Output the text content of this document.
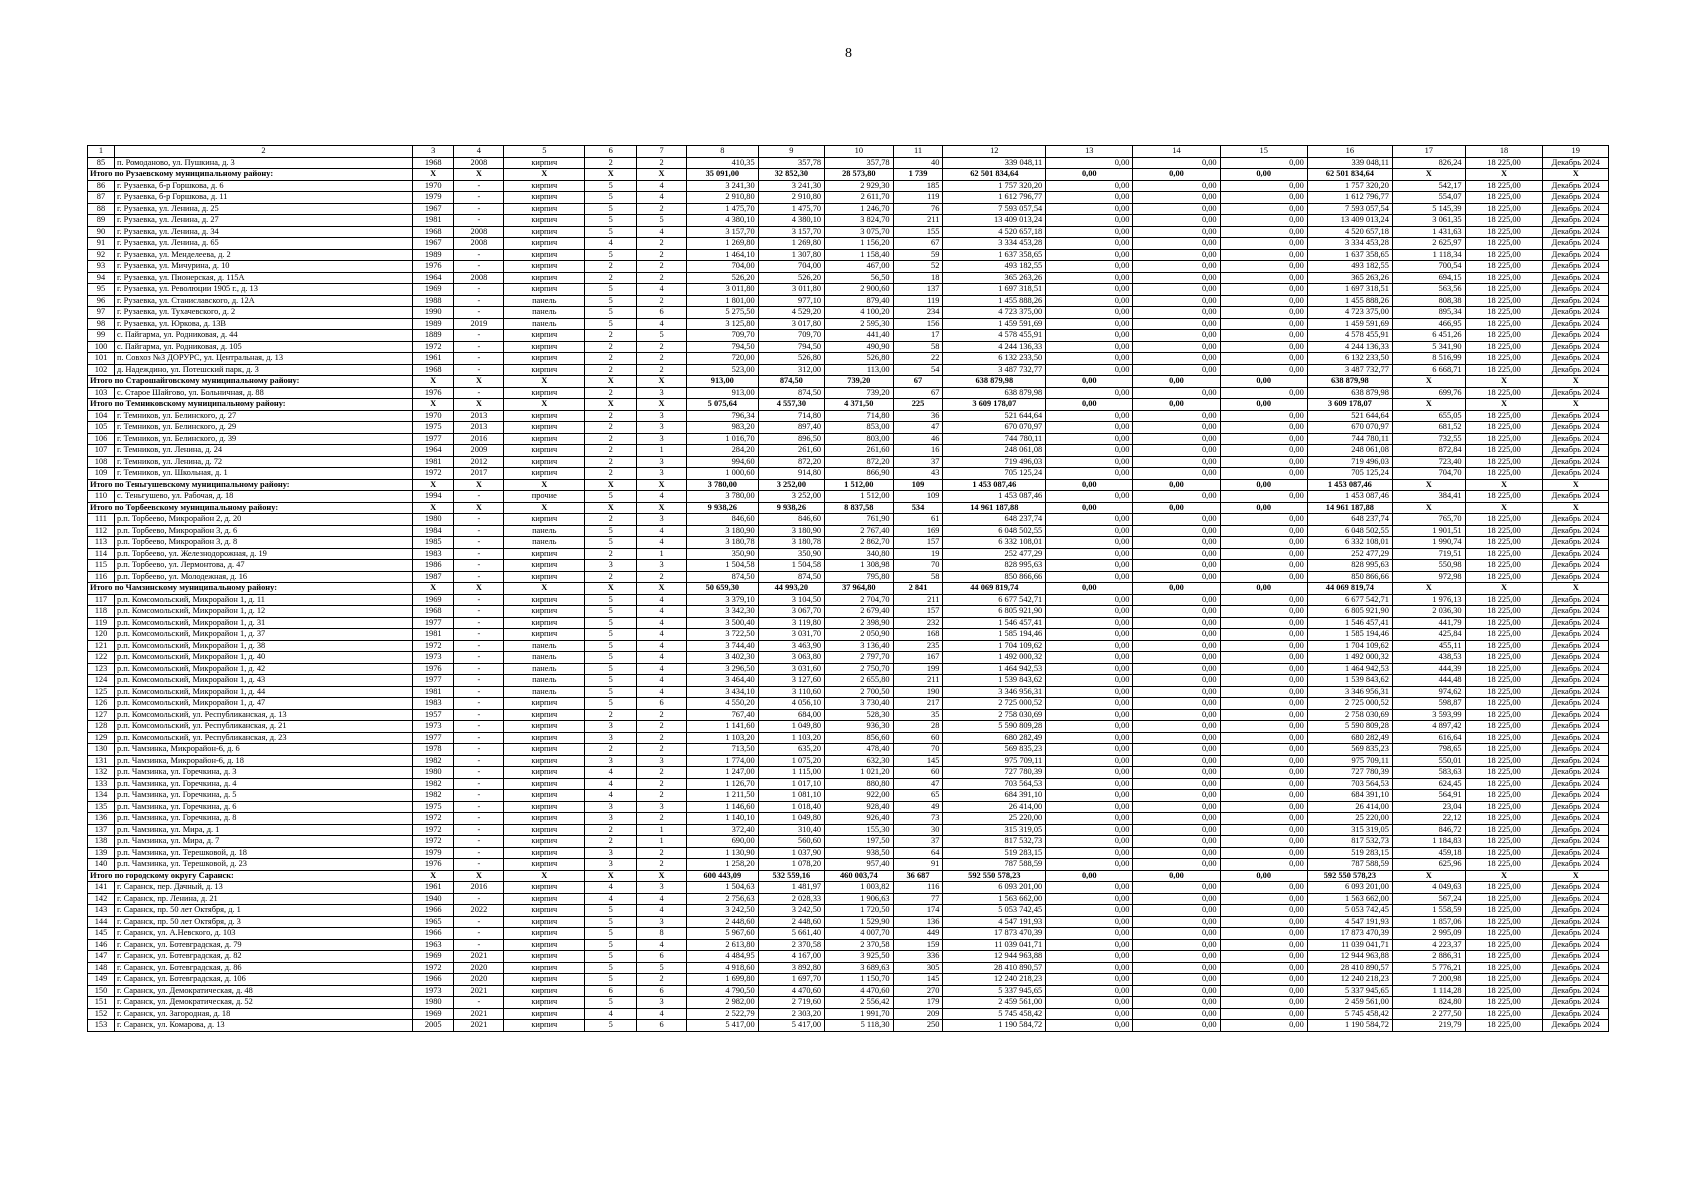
8
1	2	3	4	5	6	7	8	9	10	11	12	13	14	15	16	17	18	19
85	п. Ромоданово, ул. Пушкина, д. 3	1968	2008	кирпич	2	2	410,35	357,78	357,78	40	339 048,11	0,00	0,00	0,00	339 048,11	826,24	18 225,00	Декабрь 2024
Итого по Рузаевскому муниципальному району:		X	X	X	X	X	35 091,00	32 852,30	28 573,80	1 739	62 501 834,64	0,00	0,00	0,00	62 501 834,64	X	X	X
86	г. Рузаевка, б-р Горшкова, д. 6	1970	-	кирпич	5	4	3 241,30	3 241,30	2 929,30	185	1 757 320,20	0,00	0,00	0,00	1 757 320,20	542,17	18 225,00	Декабрь 2024
87	г. Рузаевка, б-р Горшкова, д. 11	1979	-	кирпич	5	4	2 910,80	2 910,80	2 611,70	119	1 612 796,77	0,00	0,00	0,00	1 612 796,77	554,07	18 225,00	Декабрь 2024
88	г. Рузаевка, ул. Ленина, д. 25	1967	-	кирпич	5	2	1 475,70	1 475,70	1 246,70	76	7 593 057,54	0,00	0,00	0,00	7 593 057,54	5 145,39	18 225,00	Декабрь 2024
89	г. Рузаевка, ул. Ленина, д. 27	1981	-	кирпич	5	5	4 380,10	4 380,10	3 824,70	211	13 409 013,24	0,00	0,00	0,00	13 409 013,24	3 061,35	18 225,00	Декабрь 2024
90	г. Рузаевка, ул. Ленина, д. 34	1968	2008	кирпич	5	4	3 157,70	3 157,70	3 075,70	155	4 520 657,18	0,00	0,00	0,00	4 520 657,18	1 431,63	18 225,00	Декабрь 2024
91	г. Рузаевка, ул. Ленина, д. 65	1967	2008	кирпич	4	2	1 269,80	1 269,80	1 156,20	67	3 334 453,28	0,00	0,00	0,00	3 334 453,28	2 625,97	18 225,00	Декабрь 2024
92	г. Рузаевка, ул. Менделеева, д. 2	1989	-	кирпич	5	2	1 464,10	1 307,80	1 158,40	59	1 637 358,65	0,00	0,00	0,00	1 637 358,65	1 118,34	18 225,00	Декабрь 2024
93	г. Рузаевка, ул. Мичурина, д. 10	1976	-	кирпич	2	2	704,00	704,00	467,00	52	493 182,55	0,00	0,00	0,00	493 182,55	700,54	18 225,00	Декабрь 2024
94	г. Рузаевка, ул. Пионерская, д. 115А	1964	2008	кирпич	2	2	526,20	526,20	56,50	18	365 263,26	0,00	0,00	0,00	365 263,26	694,15	18 225,00	Декабрь 2024
95	г. Рузаевка, ул. Революции 1905 г., д. 13	1969	-	кирпич	5	4	3 011,80	3 011,80	2 900,60	137	1 697 318,51	0,00	0,00	0,00	1 697 318,51	563,56	18 225,00	Декабрь 2024
96	г. Рузаевка, ул. Станиславского, д. 12А	1988	-	панель	5	2	1 801,00	977,10	879,40	119	1 455 888,26	0,00	0,00	0,00	1 455 888,26	808,38	18 225,00	Декабрь 2024
97	г. Рузаевка, ул. Тухачевского, д. 2	1990	-	панель	5	6	5 275,50	4 529,20	4 100,20	234	4 723 375,00	0,00	0,00	0,00	4 723 375,00	895,34	18 225,00	Декабрь 2024
98	г. Рузаевка, ул. Юркова, д. 13В	1989	2019	панель	5	4	3 125,80	3 017,80	2 595,30	156	1 459 591,69	0,00	0,00	0,00	1 459 591,69	466,95	18 225,00	Декабрь 2024
99	с. Пайгарма, ул. Родниковая, д. 44	1889	-	кирпич	2	5	709,70	709,70	441,40	17	4 578 455,91	0,00	0,00	0,00	4 578 455,91	6 451,26	18 225,00	Декабрь 2024
100	с. Пайгарма, ул. Родниковая, д. 105	1972	-	кирпич	2	2	794,50	794,50	490,90	58	4 244 136,33	0,00	0,00	0,00	4 244 136,33	5 341,90	18 225,00	Декабрь 2024
101	п. Совхоз №3 ДОРУРС, ул. Центральная, д. 13	1961	-	кирпич	2	2	720,00	526,80	526,80	22	6 132 233,50	0,00	0,00	0,00	6 132 233,50	8 516,99	18 225,00	Декабрь 2024
102	д. Надеждино, ул. Потешский парк, д. 3	1968	-	кирпич	2	2	523,00	312,00	113,00	54	3 487 732,77	0,00	0,00	0,00	3 487 732,77	6 668,71	18 225,00	Декабрь 2024
Итого по Старошайговскому муниципальному району:		X	X	X	X	X	913,00	874,50	739,20	67	638 879,98	0,00	0,00	0,00	638 879,98	X	X	X
103	с. Старое Шайгово, ул. Больничная, д. 88	1976	-	кирпич	2	3	913,00	874,50	739,20	67	638 879,98	0,00	0,00	0,00	638 879,98	699,76	18 225,00	Декабрь 2024
Итого по Темниковскому муниципальному району:		X	X	X	X	X	5 075,64	4 557,30	4 371,50	225	3 609 178,07	0,00	0,00	0,00	3 609 178,07	X	X	X
104	г. Темников, ул. Белинского, д. 27	1970	2013	кирпич	2	3	796,34	714,80	714,80	36	521 644,64	0,00	0,00	0,00	521 644,64	655,05	18 225,00	Декабрь 2024
105	г. Темников, ул. Белинского, д. 29	1975	2013	кирпич	2	3	983,20	897,40	853,00	47	670 070,97	0,00	0,00	0,00	670 070,97	681,52	18 225,00	Декабрь 2024
106	г. Темников, ул. Белинского, д. 39	1977	2016	кирпич	2	3	1 016,70	896,50	803,00	46	744 780,11	0,00	0,00	0,00	744 780,11	732,55	18 225,00	Декабрь 2024
107	г. Темников, ул. Ленина, д. 24	1964	2009	кирпич	2	1	284,20	261,60	261,60	16	248 061,08	0,00	0,00	0,00	248 061,08	872,84	18 225,00	Декабрь 2024
108	г. Темников, ул. Ленина, д. 72	1981	2012	кирпич	2	3	994,60	872,20	872,20	37	719 496,03	0,00	0,00	0,00	719 496,03	723,40	18 225,00	Декабрь 2024
109	г. Темников, ул. Школьная, д. 1	1972	2017	кирпич	2	3	1 000,60	914,80	866,90	43	705 125,24	0,00	0,00	0,00	705 125,24	704,70	18 225,00	Декабрь 2024
Итого по Теньгушевскому муниципальному району:		X	X	X	X	X	3 780,00	3 252,00	1 512,00	109	1 453 087,46	0,00	0,00	0,00	1 453 087,46	X	X	X
110	с. Теньгушево, ул. Рабочая, д. 18	1994	-	прочие	5	4	3 780,00	3 252,00	1 512,00	109	1 453 087,46	0,00	0,00	0,00	1 453 087,46	384,41	18 225,00	Декабрь 2024
Итого по Торбеевскому муниципальному району:		X	X	X	X	X	9 938,26	9 938,26	8 837,58	534	14 961 187,88	0,00	0,00	0,00	14 961 187,88	X	X	X
111	р.п. Торбеево, Микрорайон 2, д. 20	1980	-	кирпич	2	3	846,60	846,60	761,90	61	648 237,74	0,00	0,00	0,00	648 237,74	765,70	18 225,00	Декабрь 2024
112	р.п. Торбеево, Микрорайон 3, д. 6	1984	-	панель	5	4	3 180,90	3 180,90	2 767,40	169	6 048 502,55	0,00	0,00	0,00	6 048 502,55	1 901,51	18 225,00	Декабрь 2024
113	р.п. Торбеево, Микрорайон 3, д. 8	1985	-	панель	5	4	3 180,78	3 180,78	2 862,70	157	6 332 108,01	0,00	0,00	0,00	6 332 108,01	1 990,74	18 225,00	Декабрь 2024
114	р.п. Торбеево, ул. Железнодорожная, д. 19	1983	-	кирпич	2	1	350,90	350,90	340,80	19	252 477,29	0,00	0,00	0,00	252 477,29	719,51	18 225,00	Декабрь 2024
115	р.п. Торбеево, ул. Лермонтова, д. 47	1986	-	кирпич	3	3	1 504,58	1 504,58	1 308,98	70	828 995,63	0,00	0,00	0,00	828 995,63	550,98	18 225,00	Декабрь 2024
116	р.п. Торбеево, ул. Молодежная, д. 16	1987	-	кирпич	2	2	874,50	874,50	795,80	58	850 866,66	0,00	0,00	0,00	850 866,66	972,98	18 225,00	Декабрь 2024
Итого по Чамзинскому муниципальному району:		X	X	X	X	X	50 659,30	44 993,20	37 964,80	2 841	44 069 819,74	0,00	0,00	0,00	44 069 819,74	X	X	X
117	р.п. Комсомольский, Микрорайон 1, д. 11	1969	-	кирпич	5	4	3 379,10	3 104,50	2 704,70	211	6 677 542,71	0,00	0,00	0,00	6 677 542,71	1 976,13	18 225,00	Декабрь 2024
118	р.п. Комсомольский, Микрорайон 1, д. 12	1968	-	кирпич	5	4	3 342,30	3 067,70	2 679,40	157	6 805 921,90	0,00	0,00	0,00	6 805 921,90	2 036,30	18 225,00	Декабрь 2024
119	р.п. Комсомольский, Микрорайон 1, д. 31	1977	-	кирпич	5	4	3 500,40	3 119,80	2 398,90	232	1 546 457,41	0,00	0,00	0,00	1 546 457,41	441,79	18 225,00	Декабрь 2024
120	р.п. Комсомольский, Микрорайон 1, д. 37	1981	-	кирпич	5	4	3 722,50	3 031,70	2 050,90	168	1 585 194,46	0,00	0,00	0,00	1 585 194,46	425,84	18 225,00	Декабрь 2024
121	р.п. Комсомольский, Микрорайон 1, д. 38	1972	-	панель	5	4	3 744,40	3 463,90	3 136,40	235	1 704 109,62	0,00	0,00	0,00	1 704 109,62	455,11	18 225,00	Декабрь 2024
122	р.п. Комсомольский, Микрорайон 1, д. 40	1973	-	панель	5	4	3 402,30	3 063,80	2 797,70	167	1 492 000,32	0,00	0,00	0,00	1 492 000,32	438,53	18 225,00	Декабрь 2024
123	р.п. Комсомольский, Микрорайон 1, д. 42	1976	-	панель	5	4	3 296,50	3 031,60	2 750,70	199	1 464 942,53	0,00	0,00	0,00	1 464 942,53	444,39	18 225,00	Декабрь 2024
124	р.п. Комсомольский, Микрорайон 1, д. 43	1977	-	панель	5	4	3 464,40	3 127,60	2 655,80	211	1 539 843,62	0,00	0,00	0,00	1 539 843,62	444,48	18 225,00	Декабрь 2024
125	р.п. Комсомольский, Микрорайон 1, д. 44	1981	-	панель	5	4	3 434,10	3 110,60	2 700,50	190	3 346 956,31	0,00	0,00	0,00	3 346 956,31	974,62	18 225,00	Декабрь 2024
126	р.п. Комсомольский, Микрорайон 1, д. 47	1983	-	кирпич	5	6	4 550,20	4 056,10	3 730,40	217	2 725 000,52	0,00	0,00	0,00	2 725 000,52	598,87	18 225,00	Декабрь 2024
127	р.п. Комсомольский, ул. Республиканская, д. 13	1957	-	кирпич	2	2	767,40	684,00	528,30	35	2 758 030,69	0,00	0,00	0,00	2 758 030,69	3 593,99	18 225,00	Декабрь 2024
128	р.п. Комсомольский, ул. Республиканская, д. 21	1973	-	кирпич	3	2	1 141,60	1 049,80	936,30	28	5 590 809,28	0,00	0,00	0,00	5 590 809,28	4 897,42	18 225,00	Декабрь 2024
129	р.п. Комсомольский, ул. Республиканская, д. 23	1977	-	кирпич	3	2	1 103,20	1 103,20	856,60	60	680 282,49	0,00	0,00	0,00	680 282,49	616,64	18 225,00	Декабрь 2024
130	р.п. Чамзинка, Микрорайон-6, д. 6	1978	-	кирпич	2	2	713,50	635,20	478,40	70	569 835,23	0,00	0,00	0,00	569 835,23	798,65	18 225,00	Декабрь 2024
131	р.п. Чамзинка, Микрорайон-6, д. 18	1982	-	кирпич	3	3	1 774,00	1 075,20	632,30	145	975 709,11	0,00	0,00	0,00	975 709,11	550,01	18 225,00	Декабрь 2024
132	р.п. Чамзинка, ул. Горечкина, д. 3	1980	-	кирпич	4	2	1 247,00	1 115,00	1 021,20	60	727 780,39	0,00	0,00	0,00	727 780,39	583,63	18 225,00	Декабрь 2024
133	р.п. Чамзинка, ул. Горечкина, д. 4	1982	-	кирпич	4	2	1 126,70	1 017,10	880,80	47	703 564,53	0,00	0,00	0,00	703 564,53	624,45	18 225,00	Декабрь 2024
134	р.п. Чамзинка, ул. Горечкина, д. 5	1982	-	кирпич	4	2	1 211,50	1 081,10	922,00	65	684 391,10	0,00	0,00	0,00	684 391,10	564,91	18 225,00	Декабрь 2024
135	р.п. Чамзинка, ул. Горечкина, д. 6	1975	-	кирпич	3	3	1 146,60	1 018,40	928,40	49	26 414,00	0,00	0,00	0,00	26 414,00	23,04	18 225,00	Декабрь 2024
136	р.п. Чамзинка, ул. Горечкина, д. 8	1972	-	кирпич	3	2	1 140,10	1 049,80	926,40	73	25 220,00	0,00	0,00	0,00	25 220,00	22,12	18 225,00	Декабрь 2024
137	р.п. Чамзинка, ул. Мира, д. 1	1972	-	кирпич	2	1	372,40	310,40	155,30	30	315 319,05	0,00	0,00	0,00	315 319,05	846,72	18 225,00	Декабрь 2024
138	р.п. Чамзинка, ул. Мира, д. 7	1972	-	кирпич	2	1	690,00	560,60	197,50	37	817 532,73	0,00	0,00	0,00	817 532,73	1 184,83	18 225,00	Декабрь 2024
139	р.п. Чамзинка, ул. Терешковой, д. 18	1979	-	кирпич	3	2	1 130,90	1 037,90	938,50	64	519 283,15	0,00	0,00	0,00	519 283,15	459,18	18 225,00	Декабрь 2024
140	р.п. Чамзинка, ул. Терешковой, д. 23	1976	-	кирпич	3	2	1 258,20	1 078,20	957,40	91	787 588,59	0,00	0,00	0,00	787 588,59	625,96	18 225,00	Декабрь 2024
Итого по городскому округу Саранск:		X	X	X	X	X	600 443,09	532 559,16	460 003,74	36 687	592 550 578,23	0,00	0,00	0,00	592 550 578,23	X	X	X
141	г. Саранск, пер. Дачный, д. 13	1961	2016	кирпич	4	3	1 504,63	1 481,97	1 003,82	116	6 093 201,00	0,00	0,00	0,00	6 093 201,00	4 049,63	18 225,00	Декабрь 2024
142	г. Саранск, пр. Ленина, д. 21	1940	-	кирпич	4	4	2 756,63	2 028,33	1 906,63	77	1 563 662,00	0,00	0,00	0,00	1 563 662,00	567,24	18 225,00	Декабрь 2024
143	г. Саранск, пр. 50 лет Октября, д. 1	1966	2022	кирпич	5	4	3 242,50	3 242,50	1 720,50	174	5 053 742,45	0,00	0,00	0,00	5 053 742,45	1 558,59	18 225,00	Декабрь 2024
144	г. Саранск, пр. 50 лет Октября, д. 3	1965	-	кирпич	5	3	2 448,60	2 448,60	1 529,90	136	4 547 191,93	0,00	0,00	0,00	4 547 191,93	1 857,06	18 225,00	Декабрь 2024
145	г. Саранск, ул. А.Невского, д. 103	1966	-	кирпич	5	8	5 967,60	5 661,40	4 007,70	449	17 873 470,39	0,00	0,00	0,00	17 873 470,39	2 995,09	18 225,00	Декабрь 2024
146	г. Саранск, ул. Ботевградская, д. 79	1963	-	кирпич	5	4	2 613,80	2 370,58	2 370,58	159	11 039 041,71	0,00	0,00	0,00	11 039 041,71	4 223,37	18 225,00	Декабрь 2024
147	г. Саранск, ул. Ботевградская, д. 82	1969	2021	кирпич	5	6	4 484,95	4 167,00	3 925,50	336	12 944 963,88	0,00	0,00	0,00	12 944 963,88	2 886,31	18 225,00	Декабрь 2024
148	г. Саранск, ул. Ботевградская, д. 86	1972	2020	кирпич	5	5	4 918,60	3 892,80	3 689,63	305	28 410 890,57	0,00	0,00	0,00	28 410 890,57	5 776,21	18 225,00	Декабрь 2024
149	г. Саранск, ул. Ботевградская, д. 106	1966	2020	кирпич	5	2	1 699,80	1 697,70	1 150,70	145	12 240 218,23	0,00	0,00	0,00	12 240 218,23	7 200,98	18 225,00	Декабрь 2024
150	г. Саранск, ул. Демократическая, д. 48	1973	2021	кирпич	6	6	4 790,50	4 470,60	4 470,60	270	5 337 945,65	0,00	0,00	0,00	5 337 945,65	1 114,28	18 225,00	Декабрь 2024
151	г. Саранск, ул. Демократическая, д. 52	1980	-	кирпич	5	3	2 982,00	2 719,60	2 556,42	179	2 459 561,00	0,00	0,00	0,00	2 459 561,00	824,80	18 225,00	Декабрь 2024
152	г. Саранск, ул. Загородная, д. 18	1969	2021	кирпич	4	4	2 522,79	2 303,20	1 991,70	209	5 745 458,42	0,00	0,00	0,00	5 745 458,42	2 277,50	18 225,00	Декабрь 2024
153	г. Саранск, ул. Комарова, д. 13	2005	2021	кирпич	5	6	5 417,00	5 417,00	5 118,30	250	1 190 584,72	0,00	0,00	0,00	1 190 584,72	219,79	18 225,00	Декабрь 2024
